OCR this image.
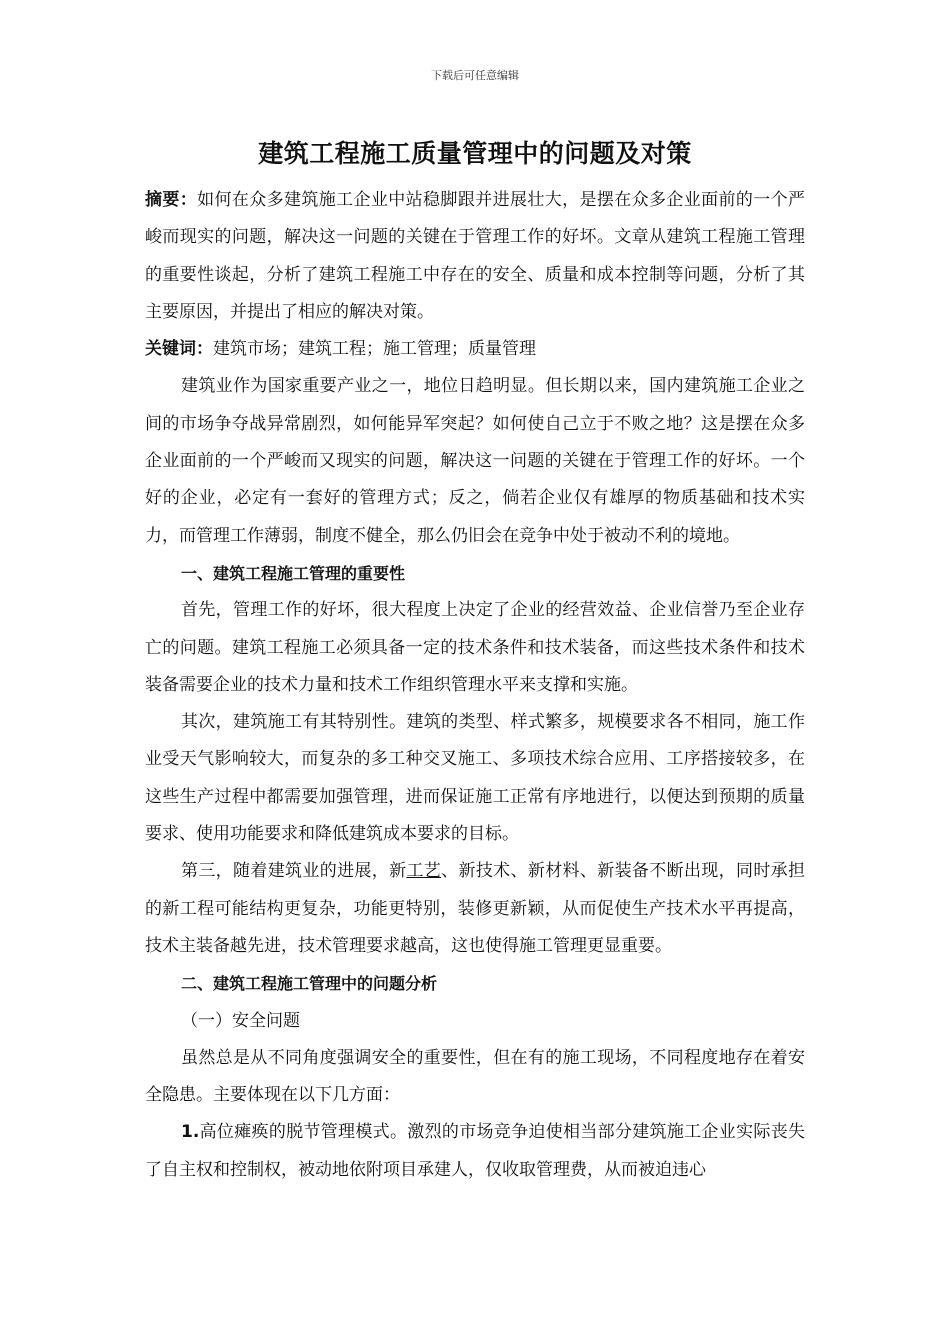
下载后可任意编辑
建筑工程施工质量管理中的问题及对策

摘要：如何在众多建筑施工企业中站稳脚跟并进展壮大，是摆在众多企业面前的一个严峻而现实的问题，解决这一问题的关键在于管理工作的好坏。文章从建筑工程施工管理的重要性谈起，分析了建筑工程施工中存在的安全、质量和成本控制等问题，分析了其主要原因，并提出了相应的解决对策。

关键词：建筑市场；建筑工程；施工管理；质量管理

建筑业作为国家重要产业之一，地位日趋明显。但长期以来，国内建筑施工企业之间的市场争夺战异常剧烈，如何能异军突起？如何使自己立于不败之地？这是摆在众多企业面前的一个严峻而又现实的问题，解决这一问题的关键在于管理工作的好坏。一个好的企业，必定有一套好的管理方式；反之，倘若企业仅有雄厚的物质基础和技术实力，而管理工作薄弱，制度不健全，那么仍旧会在竞争中处于被动不利的境地。

一、建筑工程施工管理的重要性

首先，管理工作的好坏，很大程度上决定了企业的经营效益、企业信誉乃至企业存亡的问题。建筑工程施工必须具备一定的技术条件和技术装备，而这些技术条件和技术装备需要企业的技术力量和技术工作组织管理水平来支撑和实施。

其次，建筑施工有其特别性。建筑的类型、样式繁多，规模要求各不相同，施工作业受天气影响较大，而复杂的多工种交叉施工、多项技术综合应用、工序搭接较多，在这些生产过程中都需要加强管理，进而保证施工正常有序地进行，以便达到预期的质量要求、使用功能要求和降低建筑成本要求的目标。

第三，随着建筑业的进展，新工艺、新技术、新材料、新装备不断出现，同时承担的新工程可能结构更复杂，功能更特别，装修更新颖，从而促使生产技术水平再提高，技术主装备越先进，技术管理要求越高，这也使得施工管理更显重要。

二、建筑工程施工管理中的问题分析

（一）安全问题

虽然总是从不同角度强调安全的重要性，但在有的施工现场，不同程度地存在着安全隐患。主要体现在以下几方面：

1.高位瘫痪的脱节管理模式。激烈的市场竞争迫使相当部分建筑施工企业实际丧失了自主权和控制权，被动地依附项目承建人，仅收取管理费，从而被迫违心
